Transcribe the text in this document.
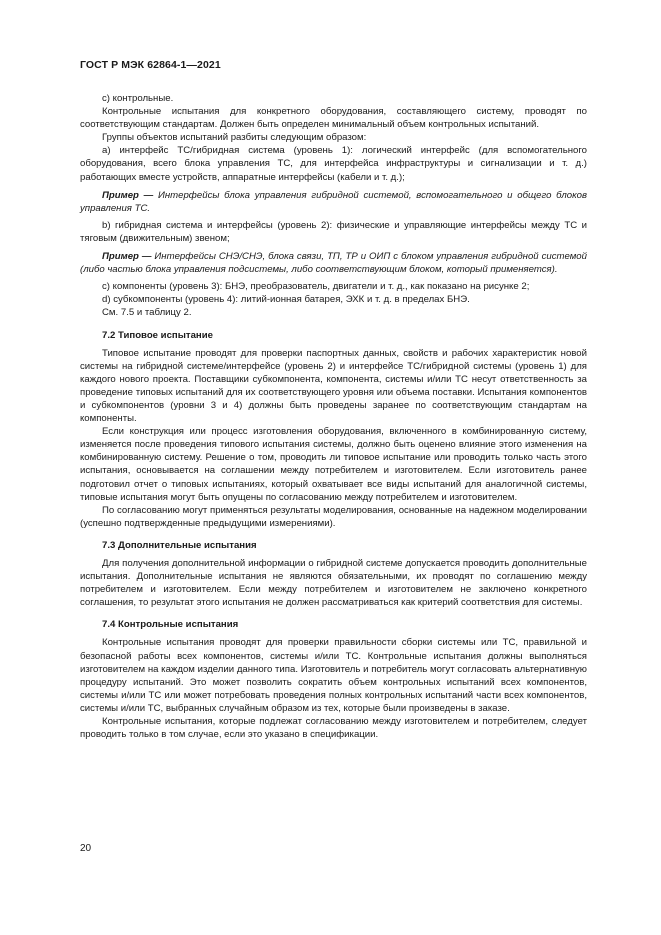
ГОСТ Р МЭК 62864-1—2021

с) контрольные.

Контрольные испытания для конкретного оборудования, составляющего систему, проводят по соответствующим стандартам. Должен быть определен минимальный объем контрольных испытаний.

Группы объектов испытаний разбиты следующим образом:

а) интерфейс ТС/гибридная система (уровень 1): логический интерфейс (для вспомогательного оборудования, всего блока управления ТС, для интерфейса инфраструктуры и сигнализации и т. д.) работающих вместе устройств, аппаратные интерфейсы (кабели и т. д.);

Пример — Интерфейсы блока управления гибридной системой, вспомогательного и общего блоков управления ТС.

b) гибридная система и интерфейсы (уровень 2): физические и управляющие интерфейсы между ТС и тяговым (движительным) звеном;

Пример — Интерфейсы СНЭ/СНЭ, блока связи, ТП, ТР и ОИП с блоком управления гибридной системой (либо частью блока управления подсистемы, либо соответствующим блоком, который применяется).

с) компоненты (уровень 3): БНЭ, преобразователь, двигатели и т. д., как показано на рисунке 2;

d) субкомпоненты (уровень 4): литий-ионная батарея, ЭХК и т. д. в пределах БНЭ.

См. 7.5 и таблицу 2.

7.2 Типовое испытание

Типовое испытание проводят для проверки паспортных данных, свойств и рабочих характеристик новой системы на гибридной системе/интерфейсе (уровень 2) и интерфейсе ТС/гибридной системы (уровень 1) для каждого нового проекта. Поставщики субкомпонента, компонента, системы и/или ТС несут ответственность за проведение типовых испытаний для их соответствующего уровня или объема поставки. Испытания компонентов и субкомпонентов (уровни 3 и 4) должны быть проведены заранее по соответствующим стандартам на компоненты.

Если конструкция или процесс изготовления оборудования, включенного в комбинированную систему, изменяется после проведения типового испытания системы, должно быть оценено влияние этого изменения на комбинированную систему. Решение о том, проводить ли типовое испытание или проводить только часть этого испытания, основывается на соглашении между потребителем и изготовителем. Если изготовитель ранее подготовил отчет о типовых испытаниях, который охватывает все виды испытаний для аналогичной системы, типовые испытания могут быть опущены по согласованию между потребителем и изготовителем.

По согласованию могут применяться результаты моделирования, основанные на надежном моделировании (успешно подтвержденные предыдущими измерениями).

7.3 Дополнительные испытания

Для получения дополнительной информации о гибридной системе допускается проводить дополнительные испытания. Дополнительные испытания не являются обязательными, их проводят по соглашению между потребителем и изготовителем. Если между потребителем и изготовителем не заключено конкретного соглашения, то результат этого испытания не должен рассматриваться как критерий соответствия для системы.

7.4 Контрольные испытания

Контрольные испытания проводят для проверки правильности сборки системы или ТС, правильной и безопасной работы всех компонентов, системы и/или ТС. Контрольные испытания должны выполняться изготовителем на каждом изделии данного типа. Изготовитель и потребитель могут согласовать альтернативную процедуру испытаний. Это может позволить сократить объем контрольных испытаний всех компонентов, системы и/или ТС или может потребовать проведения полных контрольных испытаний части всех компонентов, системы и/или ТС, выбранных случайным образом из тех, которые были произведены в заказе.

Контрольные испытания, которые подлежат согласованию между изготовителем и потребителем, следует проводить только в том случае, если это указано в спецификации.

20
